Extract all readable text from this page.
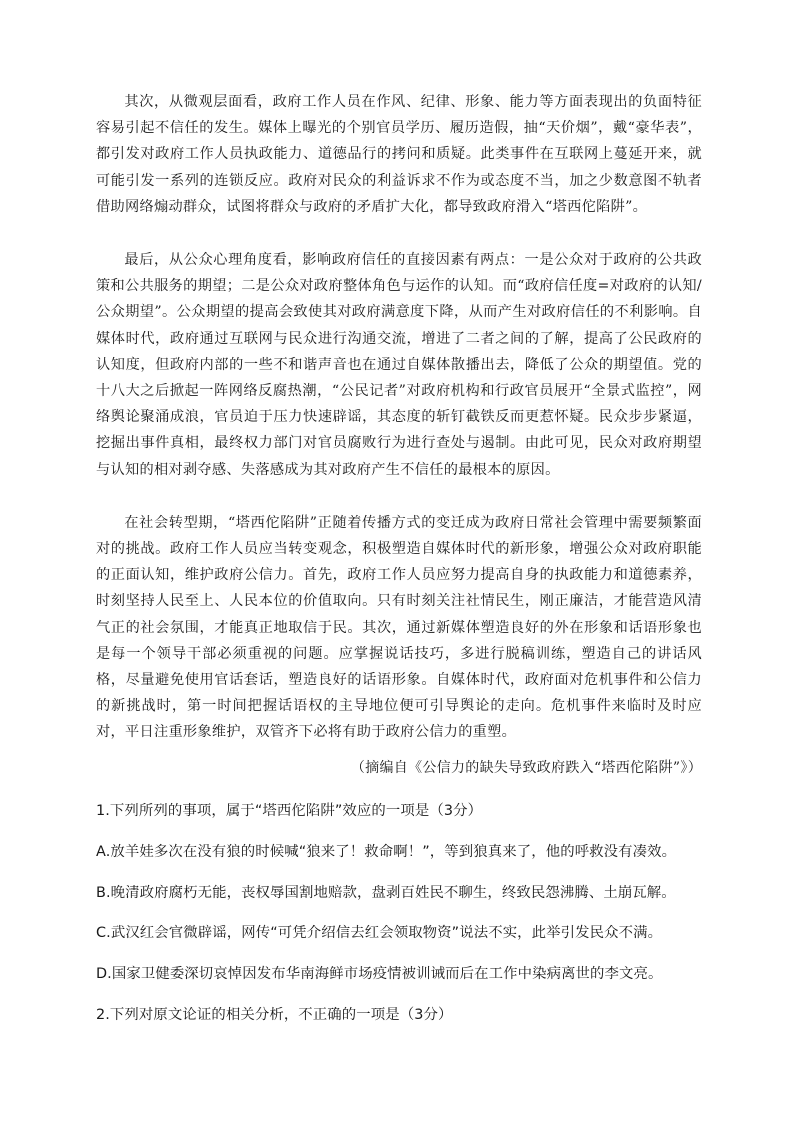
其次，从微观层面看，政府工作人员在作风、纪律、形象、能力等方面表现出的负面特征容易引起不信任的发生。媒体上曝光的个别官员学历、履历造假，抽“天价烟”，戴“豪华表”，都引发对政府工作人员执政能力、道德品行的拷问和质疑。此类事件在互联网上蔓延开来，就可能引发一系列的连锁反应。政府对民众的利益诉求不作为或态度不当，加之少数意图不轨者借助网络煽动群众，试图将群众与政府的矛盾扩大化，都导致政府滑入“塔西佗陷阱”。

最后，从公众心理角度看，影响政府信任的直接因素有两点：一是公众对于政府的公共政策和公共服务的期望；二是公众对政府整体角色与运作的认知。而“政府信任度=对政府的认知/公众期望”。公众期望的提高会致使其对政府满意度下降，从而产生对政府信任的不利影响。自媒体时代，政府通过互联网与民众进行沟通交流，增进了二者之间的了解，提高了公民政府的认知度，但政府内部的一些不和谐声音也在通过自媒体散播出去，降低了公众的期望值。党的十八大之后掀起一阵网络反腐热潮，“公民记者”对政府机构和行政官员展开“全景式监控”，网络舆论聚涌成浪，官员迫于压力快速辟谣，其态度的斩钉截铁反而更惹怀疑。民众步步紧逼，挖掘出事件真相，最终权力部门对官员腐败行为进行查处与遏制。由此可见，民众对政府期望与认知的相对剥夺感、失落感成为其对政府产生不信任的最根本的原因。

在社会转型期，“塔西佗陷阱”正随着传播方式的变迁成为政府日常社会管理中需要频繁面对的挑战。政府工作人员应当转变观念，积极塑造自媒体时代的新形象，增强公众对政府职能的正面认知，维护政府公信力。首先，政府工作人员应努力提高自身的执政能力和道德素养，时刻坚持人民至上、人民本位的价值取向。只有时刻关注社情民生，刚正廉洁，才能营造风清气正的社会氛围，才能真正地取信于民。其次，通过新媒体塑造良好的外在形象和话语形象也是每一个领导干部必须重视的问题。应掌握说话技巧，多进行脱稿训练，塑造自己的讲话风格，尽量避免使用官话套话，塑造良好的话语形象。自媒体时代，政府面对危机事件和公信力的新挑战时，第一时间把握话语权的主导地位便可引导舆论的走向。危机事件来临时及时应对，平日注重形象维护，双管齐下必将有助于政府公信力的重塑。

（摘编自《公信力的缺失导致政府跌入“塔西佗陷阱”》）
1.下列所列的事项，属于“塔西佗陷阱”效应的一项是（3分）
A.放羊娃多次在没有狼的时候喊“狼来了！救命啊！”，等到狼真来了，他的呼救没有凑效。
B.晚清政府腐朽无能，丧权辱国割地赔款，盘剥百姓民不聊生，终致民怨沸腾、土崩瓦解。
C.武汉红会官微辟谣，网传“可凭介绍信去红会领取物资”说法不实，此举引发民众不满。
D.国家卫健委深切哀悼因发布华南海鲜市场疫情被训诫而后在工作中染病离世的李文亮。
2.下列对原文论证的相关分析，不正确的一项是（3分）
